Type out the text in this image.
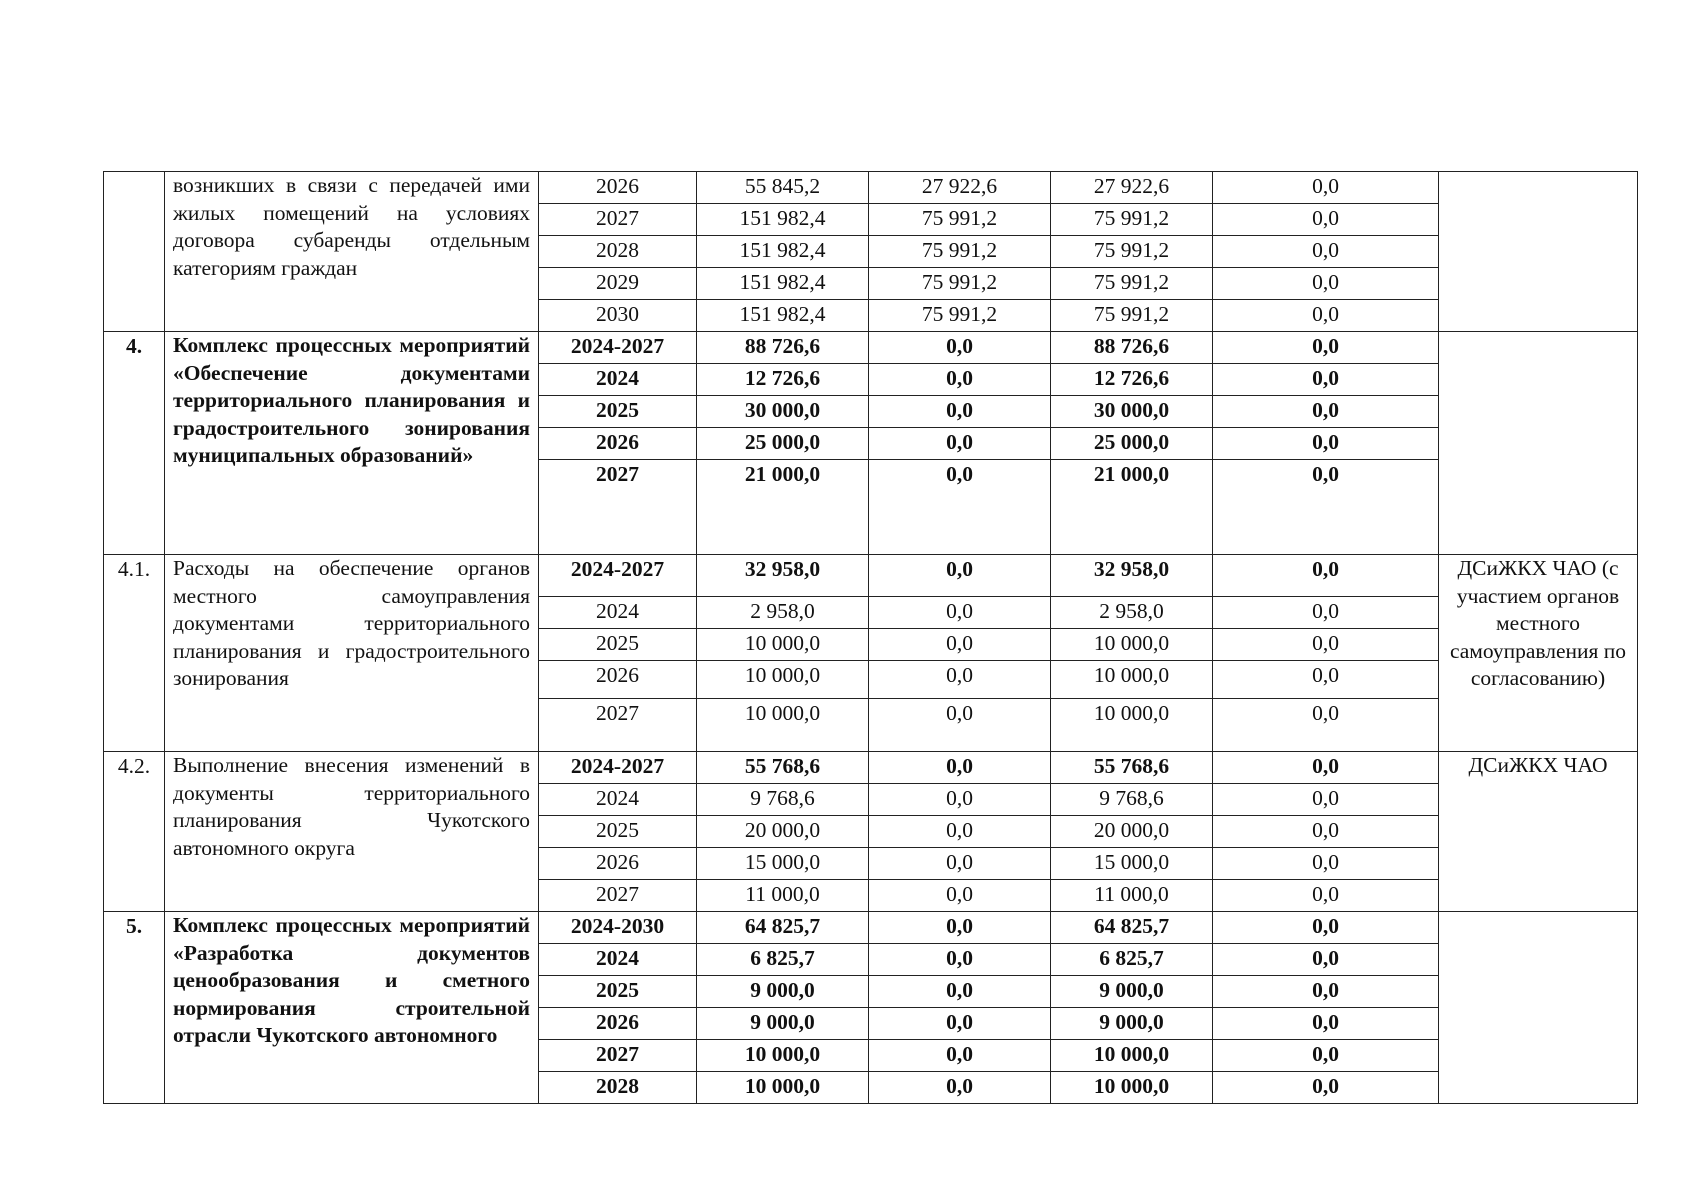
	возникших в связи с передачей ими жилых помещений на условиях договора субаренды отдельным категориям граждан	2026	55 845,2	27 922,6	27 922,6	0,0	
		2027	151 982,4	75 991,2	75 991,2	0,0	
		2028	151 982,4	75 991,2	75 991,2	0,0	
		2029	151 982,4	75 991,2	75 991,2	0,0	
		2030	151 982,4	75 991,2	75 991,2	0,0	
4.	Комплекс процессных мероприятий «Обеспечение документами территориального планирования и градостроительного зонирования муниципальных образований»	2024-2027	88 726,6	0,0	88 726,6	0,0	
		2024	12 726,6	0,0	12 726,6	0,0	
		2025	30 000,0	0,0	30 000,0	0,0	
		2026	25 000,0	0,0	25 000,0	0,0	
		2027	21 000,0	0,0	21 000,0	0,0	
4.1.	Расходы на обеспечение органов местного самоуправления документами территориального планирования и градостроительного зонирования	2024-2027	32 958,0	0,0	32 958,0	0,0	ДСиЖКХ ЧАО (с участием органов местного самоуправления по согласованию)
		2024	2 958,0	0,0	2 958,0	0,0	
		2025	10 000,0	0,0	10 000,0	0,0	
		2026	10 000,0	0,0	10 000,0	0,0	
		2027	10 000,0	0,0	10 000,0	0,0	
4.2.	Выполнение внесения изменений в документы территориального планирования Чукотского автономного округа	2024-2027	55 768,6	0,0	55 768,6	0,0	ДСиЖКХ ЧАО
		2024	9 768,6	0,0	9 768,6	0,0	
		2025	20 000,0	0,0	20 000,0	0,0	
		2026	15 000,0	0,0	15 000,0	0,0	
		2027	11 000,0	0,0	11 000,0	0,0	
5.	Комплекс процессных мероприятий «Разработка документов ценообразования и сметного нормирования строительной отрасли Чукотского автономного	2024-2030	64 825,7	0,0	64 825,7	0,0	
		2024	6 825,7	0,0	6 825,7	0,0	
		2025	9 000,0	0,0	9 000,0	0,0	
		2026	9 000,0	0,0	9 000,0	0,0	
		2027	10 000,0	0,0	10 000,0	0,0	
		2028	10 000,0	0,0	10 000,0	0,0	
